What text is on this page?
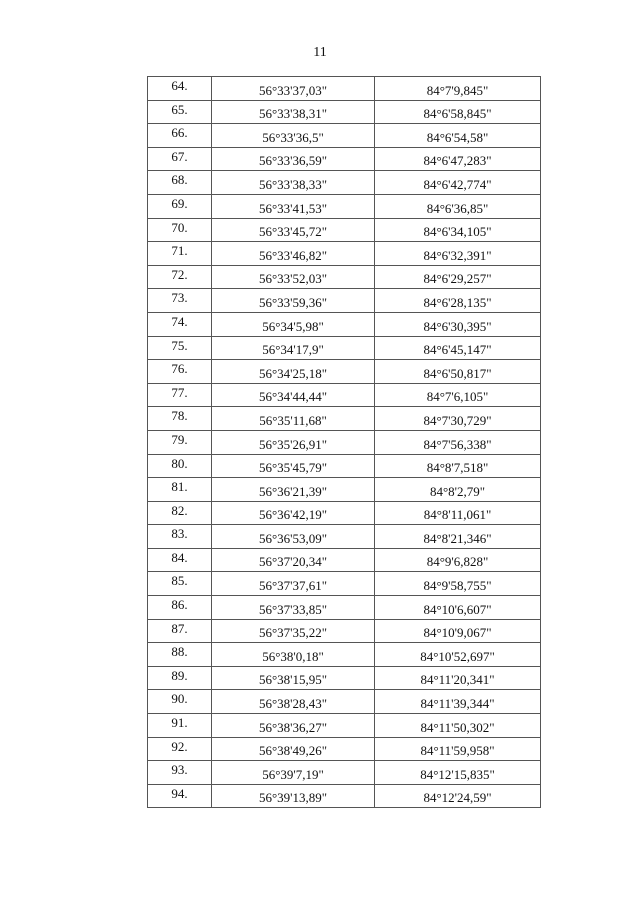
11
64.	56°33'37,03"	84°7'9,845"
65.	56°33'38,31"	84°6'58,845"
66.	56°33'36,5"	84°6'54,58"
67.	56°33'36,59"	84°6'47,283"
68.	56°33'38,33"	84°6'42,774"
69.	56°33'41,53"	84°6'36,85"
70.	56°33'45,72"	84°6'34,105"
71.	56°33'46,82"	84°6'32,391"
72.	56°33'52,03"	84°6'29,257"
73.	56°33'59,36"	84°6'28,135"
74.	56°34'5,98"	84°6'30,395"
75.	56°34'17,9"	84°6'45,147"
76.	56°34'25,18"	84°6'50,817"
77.	56°34'44,44"	84°7'6,105"
78.	56°35'11,68"	84°7'30,729"
79.	56°35'26,91"	84°7'56,338"
80.	56°35'45,79"	84°8'7,518"
81.	56°36'21,39"	84°8'2,79"
82.	56°36'42,19"	84°8'11,061"
83.	56°36'53,09"	84°8'21,346"
84.	56°37'20,34"	84°9'6,828"
85.	56°37'37,61"	84°9'58,755"
86.	56°37'33,85"	84°10'6,607"
87.	56°37'35,22"	84°10'9,067"
88.	56°38'0,18"	84°10'52,697"
89.	56°38'15,95"	84°11'20,341"
90.	56°38'28,43"	84°11'39,344"
91.	56°38'36,27"	84°11'50,302"
92.	56°38'49,26"	84°11'59,958"
93.	56°39'7,19"	84°12'15,835"
94.	56°39'13,89"	84°12'24,59"
